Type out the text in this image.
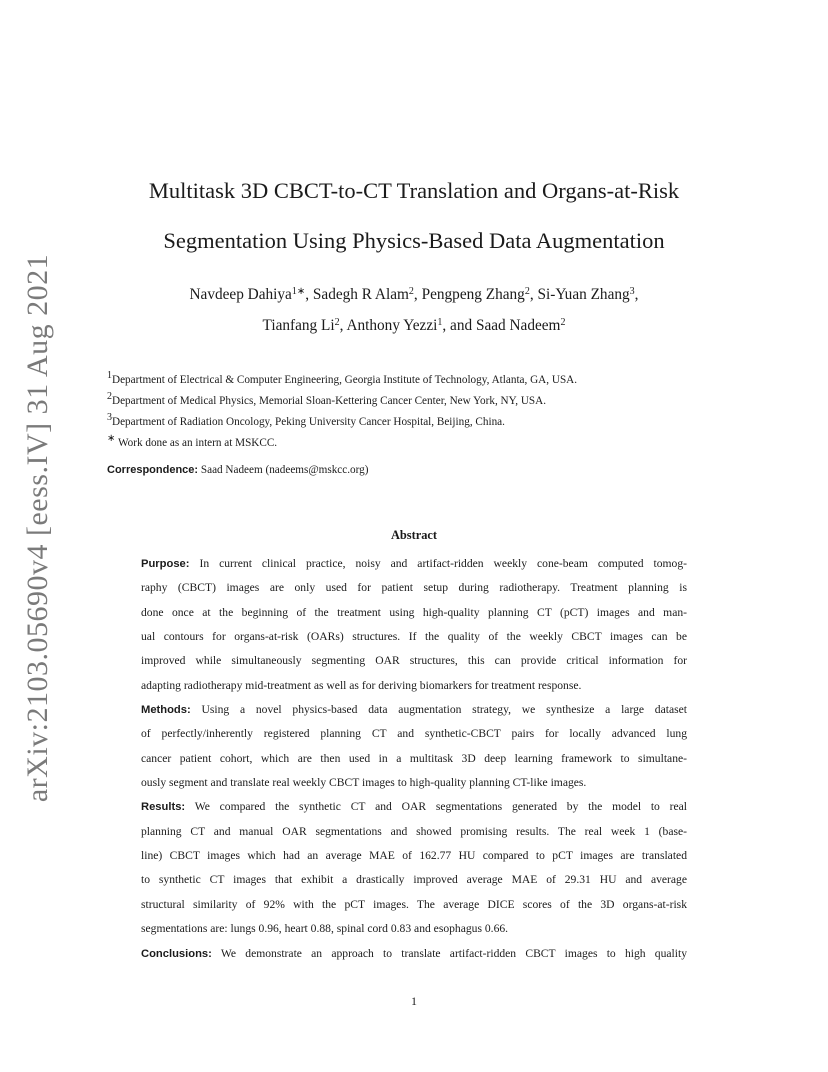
arXiv:2103.05690v4 [eess.IV] 31 Aug 2021
Multitask 3D CBCT-to-CT Translation and Organs-at-Risk
Segmentation Using Physics-Based Data Augmentation
Navdeep Dahiya$^{1∗}$, Sadegh R Alam$^2$, Pengpeng Zhang$^2$, Si-Yuan Zhang$^3$,
Tianfang Li$^2$, Anthony Yezzi$^1$, and Saad Nadeem$^2$
$^1$Department of Electrical & Computer Engineering, Georgia Institute of Technology, Atlanta, GA, USA.
$^2$Department of Medical Physics, Memorial Sloan-Kettering Cancer Center, New York, NY, USA.
$^3$Department of Radiation Oncology, Peking University Cancer Hospital, Beijing, China.
∗ Work done as an intern at MSKCC.
Correspondence: Saad Nadeem (nadeems@mskcc.org)
Abstract

Purpose: In current clinical practice, noisy and artifact-ridden weekly cone-beam computed tomog-
raphy (CBCT) images are only used for patient setup during radiotherapy. Treatment planning is
done once at the beginning of the treatment using high-quality planning CT (pCT) images and man-
ual contours for organs-at-risk (OARs) structures. If the quality of the weekly CBCT images can be
improved while simultaneously segmenting OAR structures, this can provide critical information for
adapting radiotherapy mid-treatment as well as for deriving biomarkers for treatment response.

Methods: Using a novel physics-based data augmentation strategy, we synthesize a large dataset
of perfectly/inherently registered planning CT and synthetic-CBCT pairs for locally advanced lung
cancer patient cohort, which are then used in a multitask 3D deep learning framework to simultane-
ously segment and translate real weekly CBCT images to high-quality planning CT-like images.

Results: We compared the synthetic CT and OAR segmentations generated by the model to real
planning CT and manual OAR segmentations and showed promising results. The real week 1 (base-
line) CBCT images which had an average MAE of 162.77 HU compared to pCT images are translated
to synthetic CT images that exhibit a drastically improved average MAE of 29.31 HU and average
structural similarity of 92% with the pCT images. The average DICE scores of the 3D organs-at-risk
segmentations are: lungs 0.96, heart 0.88, spinal cord 0.83 and esophagus 0.66.

Conclusions: We demonstrate an approach to translate artifact-ridden CBCT images to high quality

1
